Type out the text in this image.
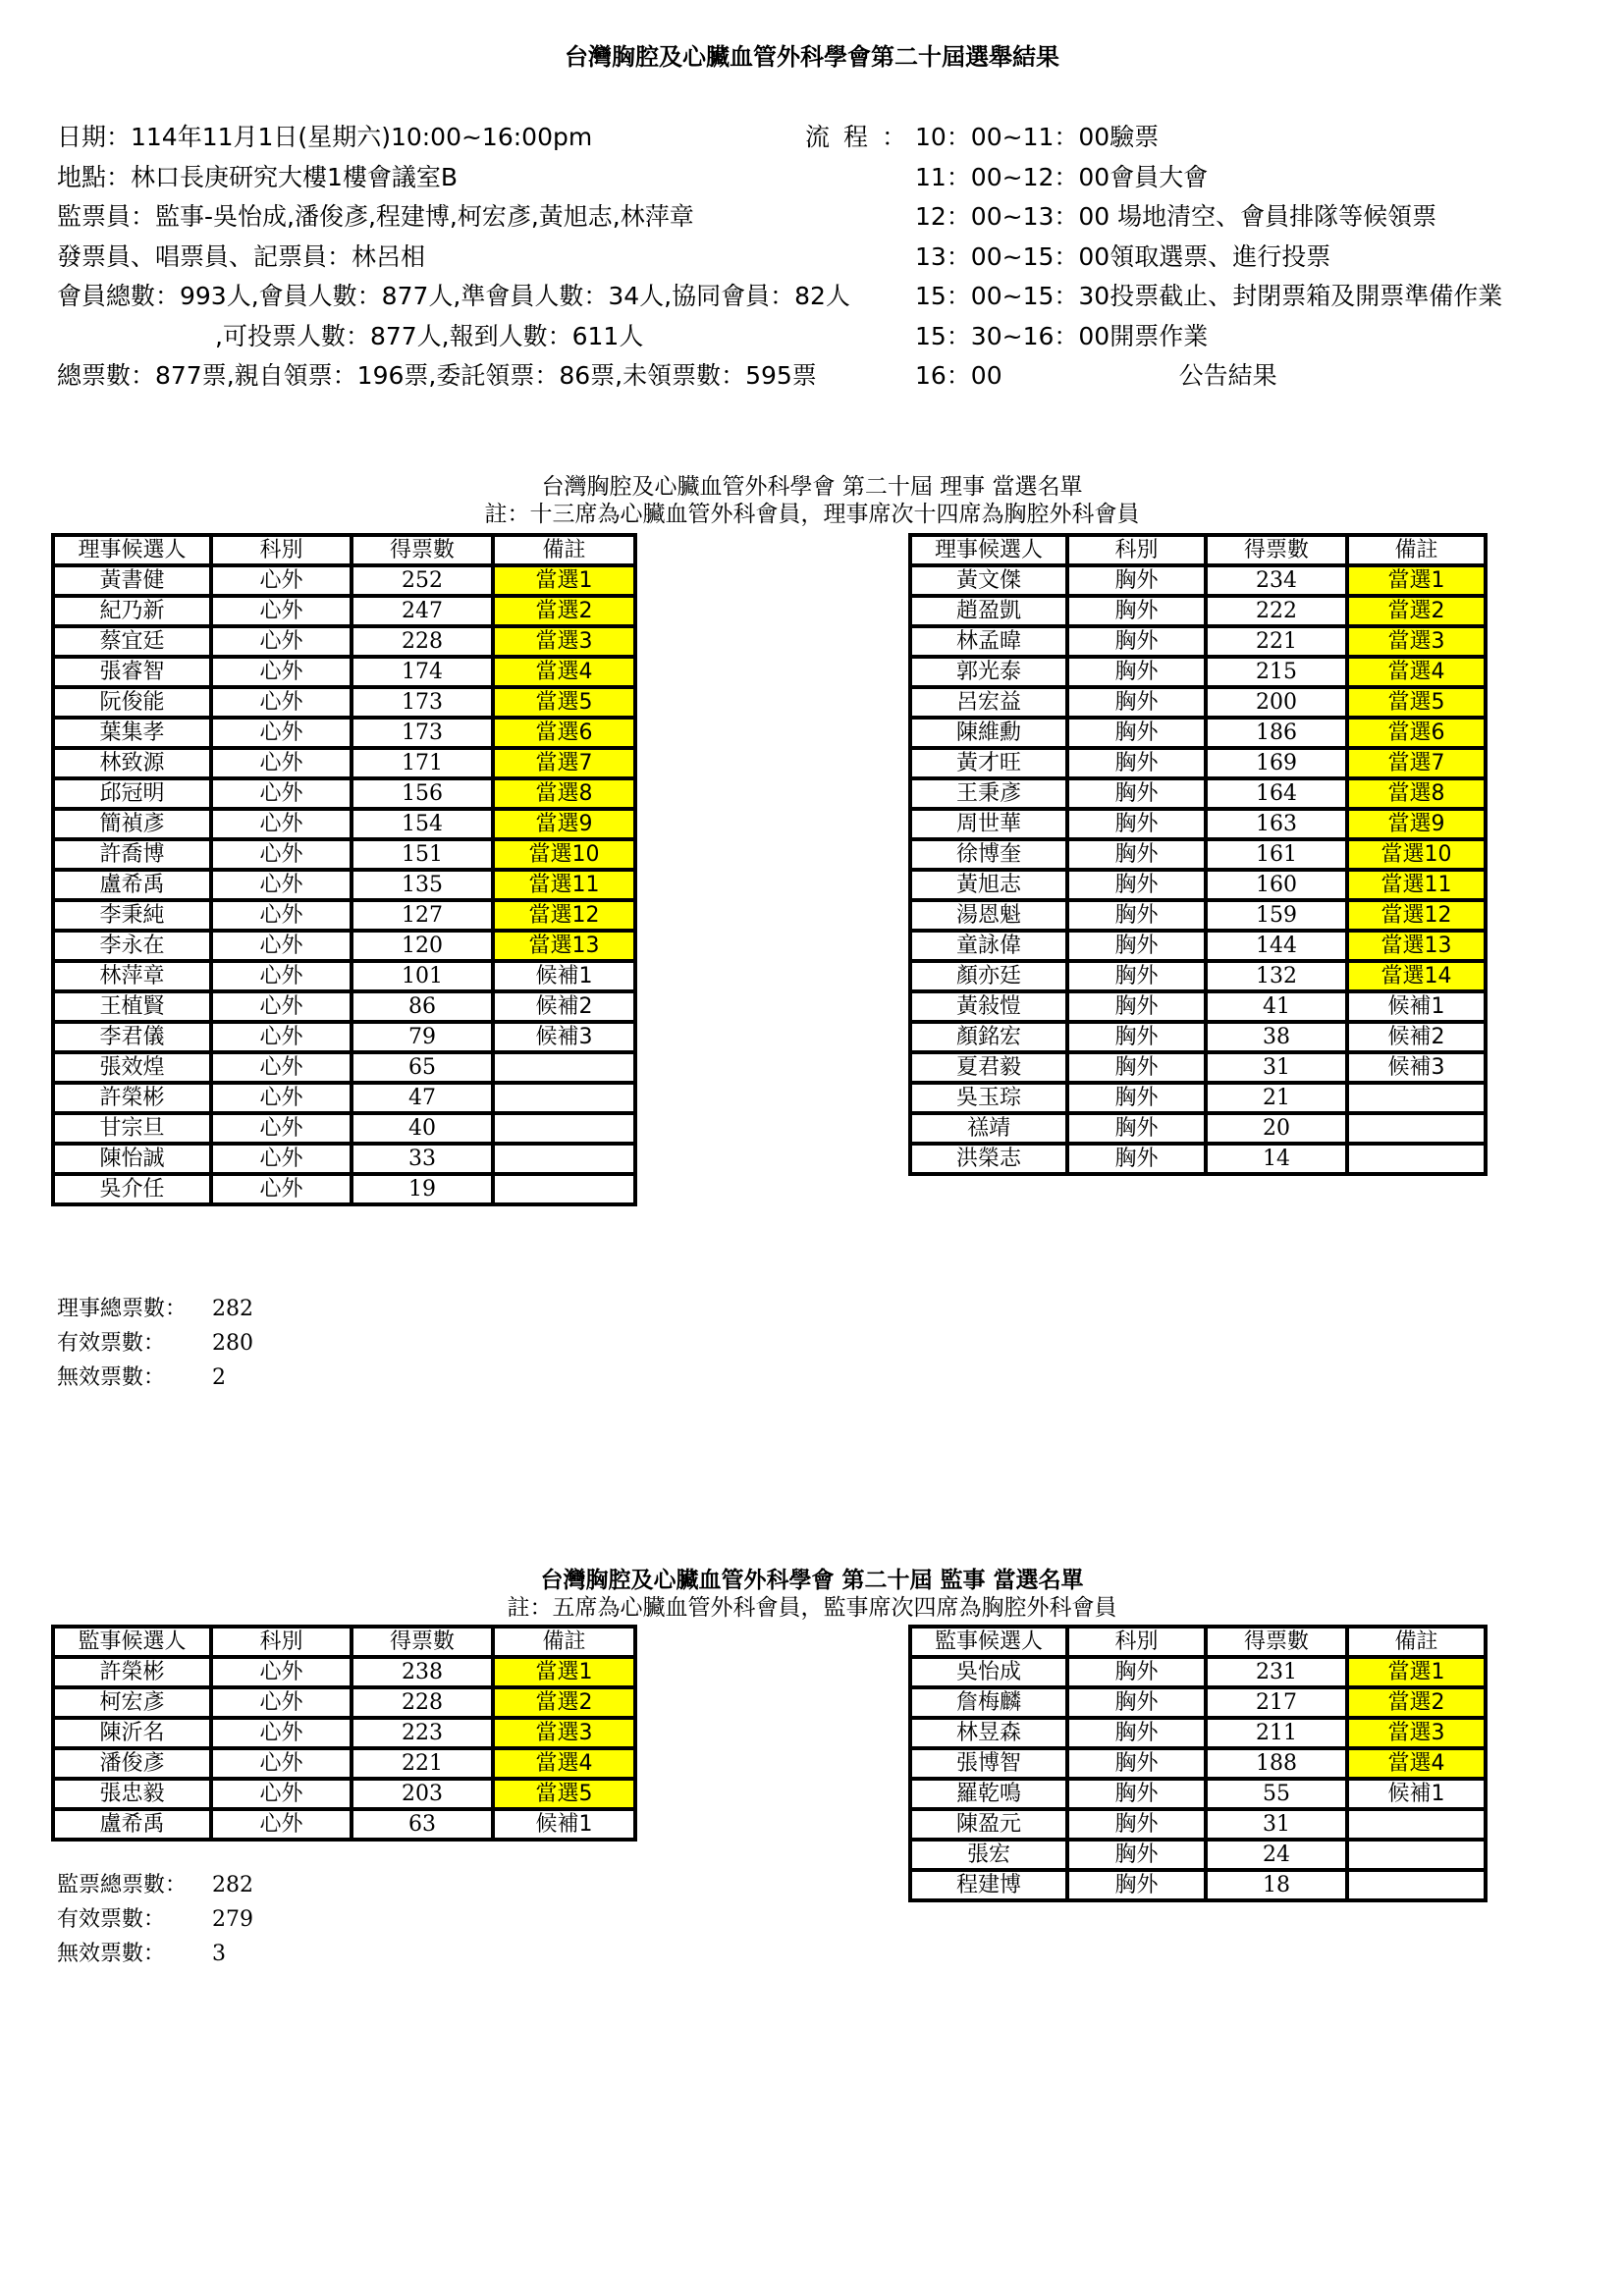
台灣胸腔及心臟血管外科學會第二十屆選舉結果
日期：114年11月1日(星期六)10:00~16:00pm
地點：林口長庚研究大樓1樓會議室B
監票員：監事-吳怡成,潘俊彥,程建博,柯宏彥,黃旭志,林萍章
發票員、唱票員、記票員：林呂相
會員總數：993人,會員人數：877人,準會員人數：34人,協同會員：82人
,可投票人數：877人,報到人數：611人
總票數：877票,親自領票：196票,委託領票：86票,未領票數：595票
流程：
10：00~11：00驗票
11：00~12：00會員大會
12：00~13：00 場地清空、會員排隊等候領票
13：00~15：00領取選票、進行投票
15：00~15：30投票截止、封閉票箱及開票準備作業
15：30~16：00開票作業
16：00	公告結果
台灣胸腔及心臟血管外科學會 第二十屆 理事 當選名單
註：十三席為心臟血管外科會員，理事席次十四席為胸腔外科會員
理事候選人	科別	得票數	備註
黃書健	心外	252	當選1
紀乃新	心外	247	當選2
蔡宜廷	心外	228	當選3
張睿智	心外	174	當選4
阮俊能	心外	173	當選5
葉集孝	心外	173	當選6
林致源	心外	171	當選7
邱冠明	心外	156	當選8
簡禎彥	心外	154	當選9
許喬博	心外	151	當選10
盧希禹	心外	135	當選11
李秉純	心外	127	當選12
李永在	心外	120	當選13
林萍章	心外	101	候補1
王植賢	心外	86	候補2
李君儀	心外	79	候補3
張效煌	心外	65	
許榮彬	心外	47	
甘宗旦	心外	40	
陳怡誠	心外	33	
吳介任	心外	19	
理事候選人	科別	得票數	備註
黃文傑	胸外	234	當選1
趙盈凱	胸外	222	當選2
林孟暐	胸外	221	當選3
郭光泰	胸外	215	當選4
呂宏益	胸外	200	當選5
陳維勳	胸外	186	當選6
黃才旺	胸外	169	當選7
王秉彥	胸外	164	當選8
周世華	胸外	163	當選9
徐博奎	胸外	161	當選10
黃旭志	胸外	160	當選11
湯恩魁	胸外	159	當選12
童詠偉	胸外	144	當選13
顏亦廷	胸外	132	當選14
黃敍愷	胸外	41	候補1
顏銘宏	胸外	38	候補2
夏君毅	胸外	31	候補3
吳玉琮	胸外	21	
禚靖	胸外	20	
洪榮志	胸外	14	
理事總票數：	282
有效票數：	280
無效票數：	2
台灣胸腔及心臟血管外科學會 第二十屆 監事 當選名單
註：五席為心臟血管外科會員，監事席次四席為胸腔外科會員
監事候選人	科別	得票數	備註
許榮彬	心外	238	當選1
柯宏彥	心外	228	當選2
陳沂名	心外	223	當選3
潘俊彥	心外	221	當選4
張忠毅	心外	203	當選5
盧希禹	心外	63	候補1
監事候選人	科別	得票數	備註
吳怡成	胸外	231	當選1
詹梅麟	胸外	217	當選2
林昱森	胸外	211	當選3
張博智	胸外	188	當選4
羅乾鳴	胸外	55	候補1
陳盈元	胸外	31	
張宏	胸外	24	
程建博	胸外	18	
監票總票數：	282
有效票數：	279
無效票數：	3
